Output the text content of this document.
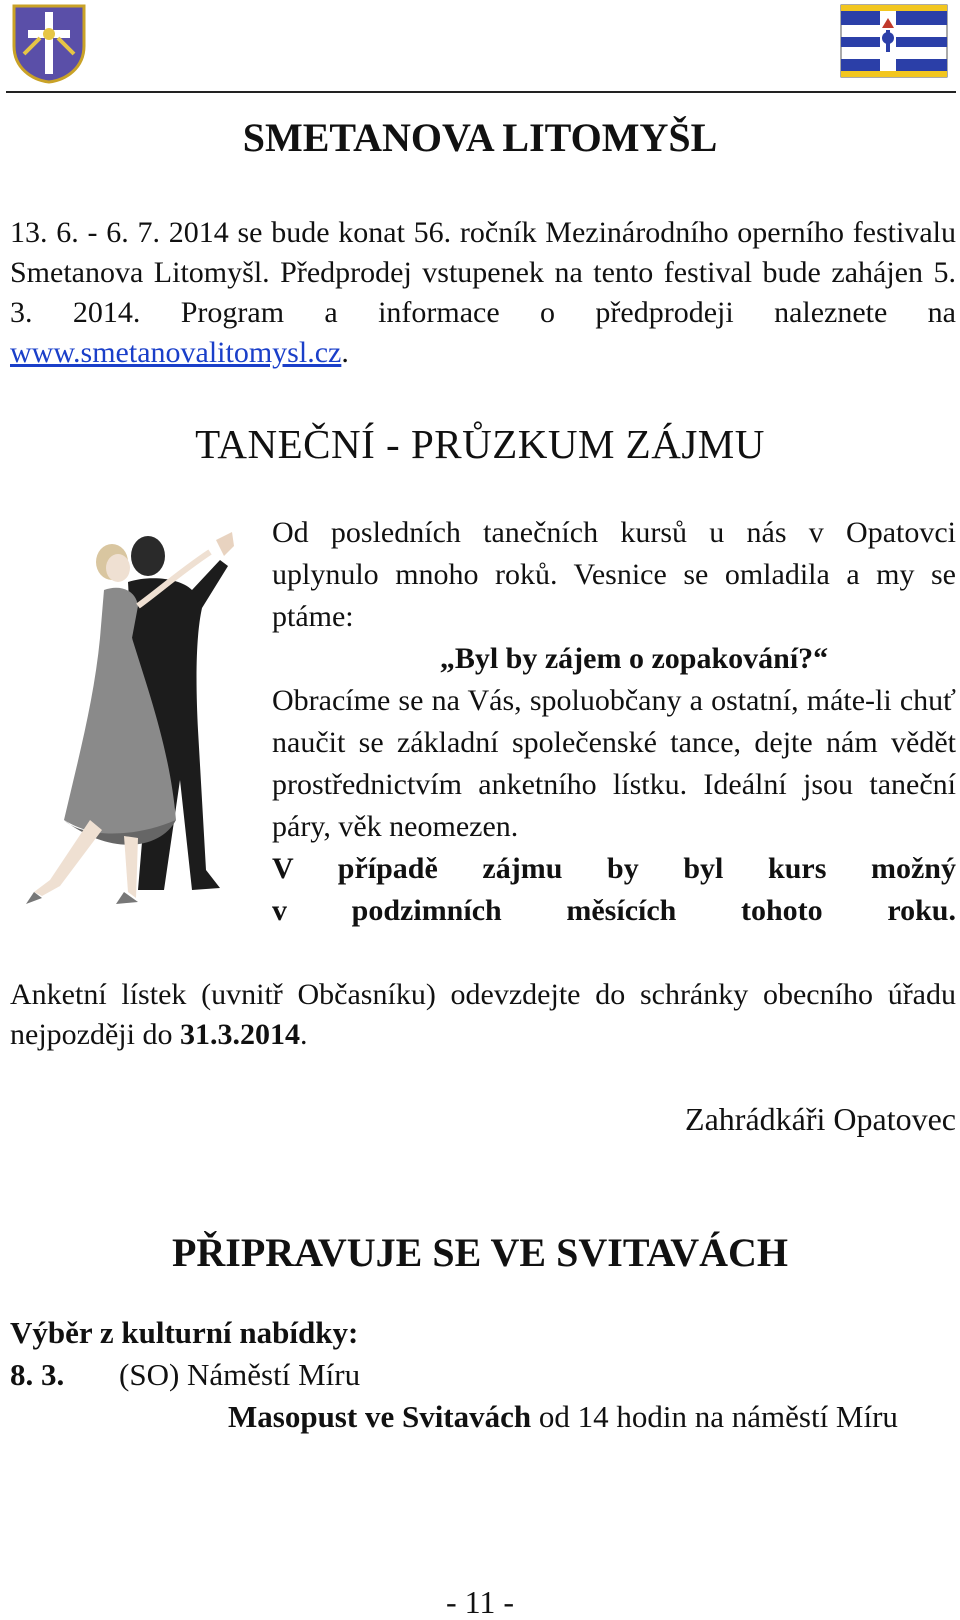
SMETANOVA LITOMYŠL

13. 6. - 6. 7. 2014 se bude konat 56. ročník Mezinárodního operního festivalu Smetanova Litomyšl. Předprodej vstupenek na tento festival bude zahájen 5. 3. 2014. Program a informace o předprodeji naleznete na www.smetanovalitomysl.cz.

TANEČNÍ - PRŮZKUM ZÁJMU

Od posledních tanečních kursů u nás v Opatovci uplynulo mnoho roků. Vesnice se omladila a my se ptáme:

„Byl by zájem o zopakování?“

Obracíme se na Vás, spoluobčany a ostatní, máte-li chuť naučit se základní společenské tance, dejte nám vědět prostřednictvím anketního lístku. Ideální jsou taneční páry, věk neomezen.

V případě zájmu by byl kurs možný

v podzimních měsících tohoto roku.

Anketní lístek (uvnitř Občasníku) odevzdejte do schránky obecního úřadu nejpozději do 31.3.2014.

Zahrádkáři Opatovec
PŘIPRAVUJE SE VE SVITAVÁCH
Výběr z kulturní nabídky:
8. 3. (SO) Náměstí Míru
Masopust ve Svitavách od 14 hodin na náměstí Míru
- 11 -
